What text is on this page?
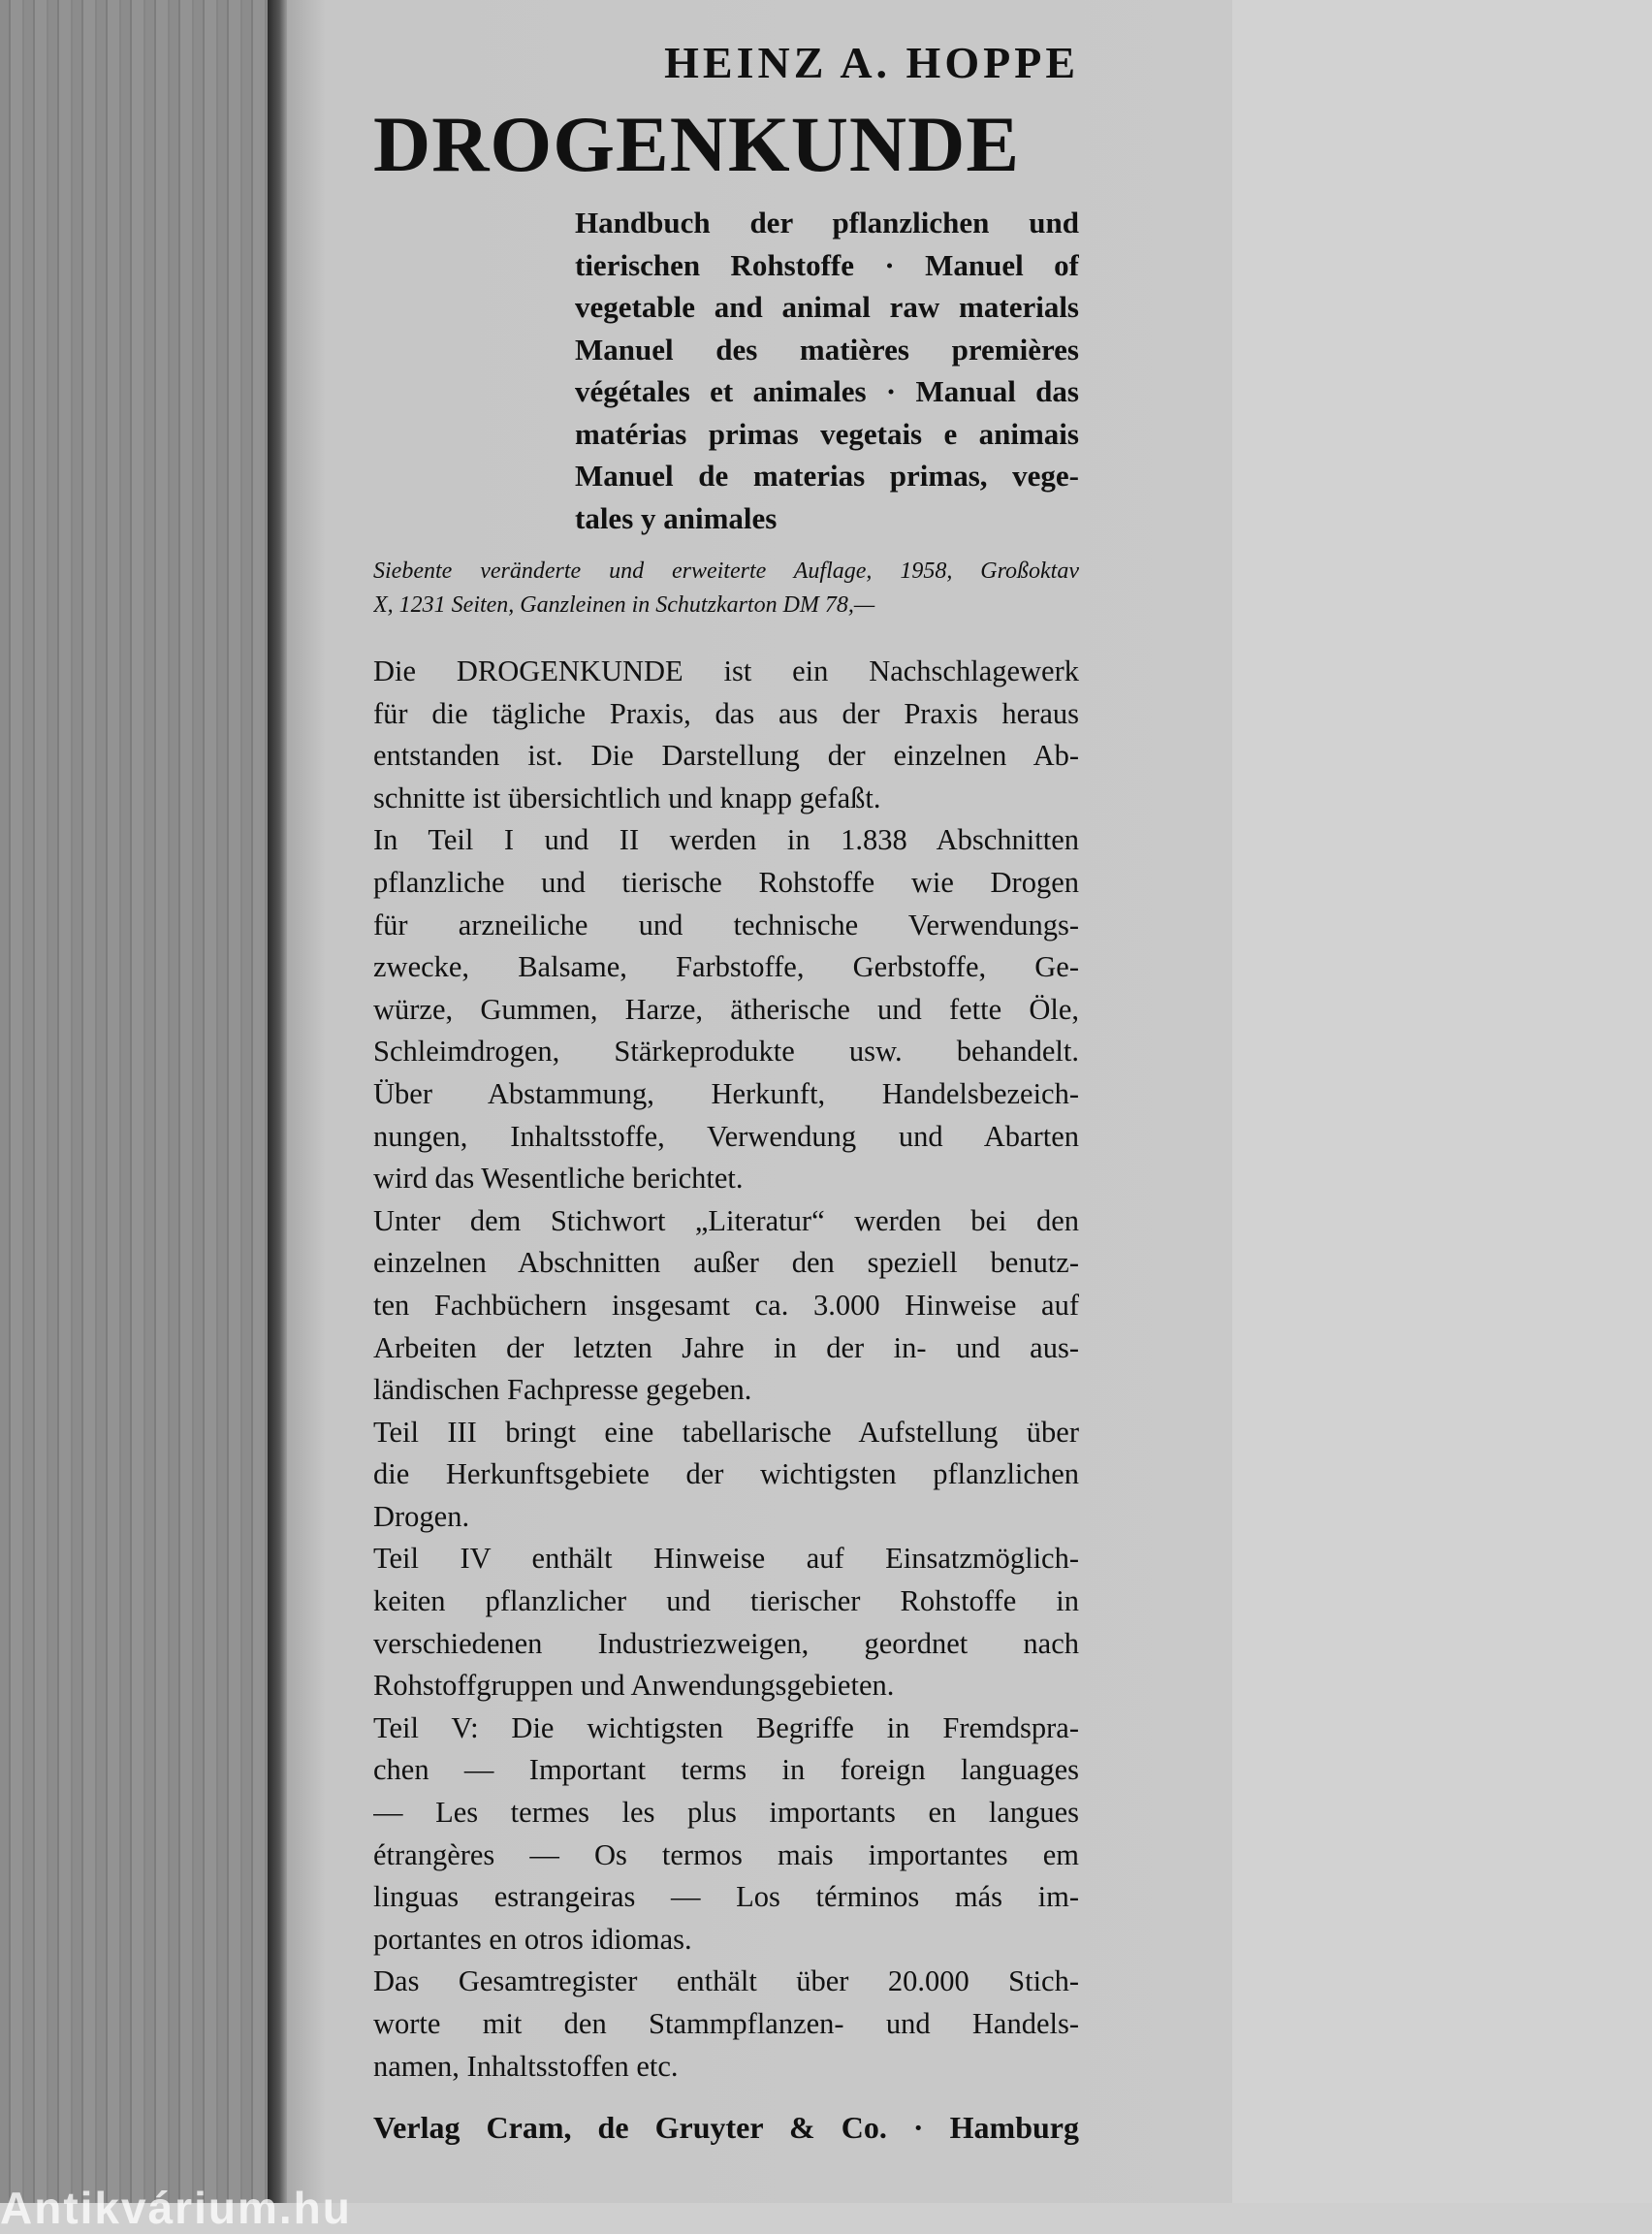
HEINZ A. HOPPE
DROGENKUNDE
Handbuch der pflanzlichen und
tierischen Rohstoffe · Manuel of
vegetable and animal raw materials
Manuel des matières premières
végétales et animales · Manual das
matérias primas vegetais e animais
Manuel de materias primas, vege-
tales y animales
Siebente veränderte und erweiterte Auflage, 1958, Großoktav
X, 1231 Seiten, Ganzleinen in Schutzkarton DM 78,—
Die DROGENKUNDE ist ein Nachschlagewerk
für die tägliche Praxis, das aus der Praxis heraus
entstanden ist. Die Darstellung der einzelnen Ab-
schnitte ist übersichtlich und knapp gefaßt.
In Teil I und II werden in 1.838 Abschnitten
pflanzliche und tierische Rohstoffe wie Drogen
für arzneiliche und technische Verwendungs-
zwecke, Balsame, Farbstoffe, Gerbstoffe, Ge-
würze, Gummen, Harze, ätherische und fette Öle,
Schleimdrogen, Stärkeprodukte usw. behandelt.
Über Abstammung, Herkunft, Handelsbezeich-
nungen, Inhaltsstoffe, Verwendung und Abarten
wird das Wesentliche berichtet.
Unter dem Stichwort „Literatur“ werden bei den
einzelnen Abschnitten außer den speziell benutz-
ten Fachbüchern insgesamt ca. 3.000 Hinweise auf
Arbeiten der letzten Jahre in der in- und aus-
ländischen Fachpresse gegeben.
Teil III bringt eine tabellarische Aufstellung über
die Herkunftsgebiete der wichtigsten pflanzlichen
Drogen.
Teil IV enthält Hinweise auf Einsatzmöglich-
keiten pflanzlicher und tierischer Rohstoffe in
verschiedenen Industriezweigen, geordnet nach
Rohstoffgruppen und Anwendungsgebieten.
Teil V: Die wichtigsten Begriffe in Fremdspra-
chen — Important terms in foreign languages
— Les termes les plus importants en langues
étrangères — Os termos mais importantes em
linguas estrangeiras — Los términos más im-
portantes en otros idiomas.
Das Gesamtregister enthält über 20.000 Stich-
worte mit den Stammpflanzen- und Handels-
namen, Inhaltsstoffen etc.
Verlag Cram, de Gruyter & Co. · Hamburg
Antikvárium.hu
